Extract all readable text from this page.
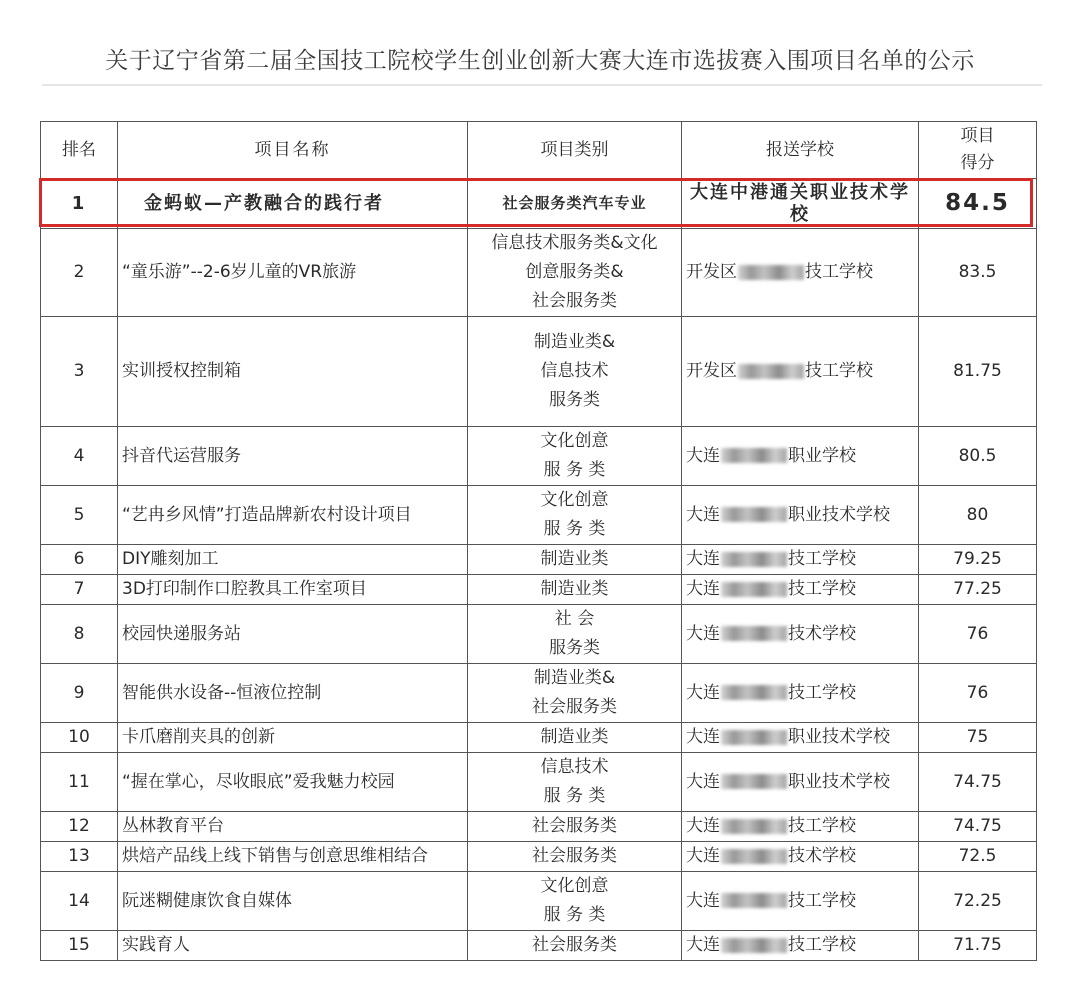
关于辽宁省第二届全国技工院校学生创业创新大赛大连市选拔赛入围项目名单的公示
排名	项目名称	项目类别	报送学校	项目
得分

1	金蚂蚁—产教融合的践行者	社会服务类汽车专业	大连中港通关职业技术学校	84.5
2	“童乐游”--2-6岁儿童的VR旅游	信息技术服务类&文化
创意服务类&
社会服务类	开发区 技工学校	83.5
3	实训授权控制箱	制造业类&
信息技术
服务类	开发区 技工学校	81.75
4	抖音代运营服务	文化创意
服 务 类	大连 职业学校	80.5
5	“艺冉乡风情”打造品牌新农村设计项目	文化创意
服 务 类	大连 职业技术学校	80
6	DIY雕刻加工	制造业类	大连 技工学校	79.25
7	3D打印制作口腔教具工作室项目	制造业类	大连 技工学校	77.25
8	校园快递服务站	社 会
服务类	大连 技术学校	76
9	智能供水设备--恒液位控制	制造业类&
社会服务类	大连 技工学校	76
10	卡爪磨削夹具的创新	制造业类	大连 职业技术学校	75
11	“握在掌心，尽收眼底”爱我魅力校园	信息技术
服 务 类	大连 职业技术学校	74.75
12	丛林教育平台	社会服务类	大连 技工学校	74.75
13	烘焙产品线上线下销售与创意思维相结合	社会服务类	大连 技术学校	72.5
14	阮迷糊健康饮食自媒体	文化创意
服 务 类	大连 技工学校	72.25
15	实践育人	社会服务类	大连 技工学校	71.75
